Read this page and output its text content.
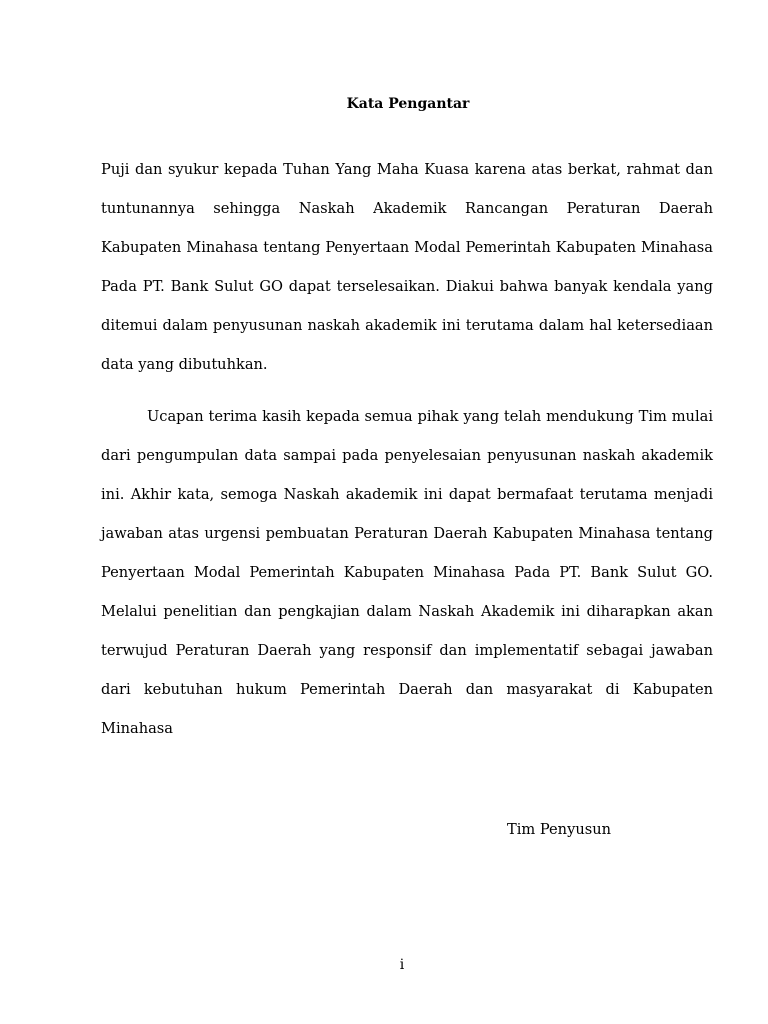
Kata Pengantar

Puji dan syukur kepada Tuhan Yang Maha Kuasa karena atas berkat, rahmat dan tuntunannya sehingga Naskah Akademik Rancangan Peraturan Daerah Kabupaten Minahasa tentang Penyertaan Modal Pemerintah Kabupaten Minahasa Pada PT. Bank Sulut GO dapat terselesaikan. Diakui bahwa banyak kendala yang ditemui dalam penyusunan naskah akademik ini terutama dalam hal ketersediaan data yang dibutuhkan.

Ucapan terima kasih kepada semua pihak yang telah mendukung Tim mulai dari pengumpulan data sampai pada penyelesaian penyusunan naskah akademik ini. Akhir kata, semoga Naskah akademik ini dapat bermafaat terutama menjadi jawaban atas urgensi pembuatan Peraturan Daerah Kabupaten Minahasa tentang Penyertaan Modal Pemerintah Kabupaten Minahasa Pada PT. Bank Sulut GO. Melalui penelitian dan pengkajian dalam Naskah Akademik ini diharapkan akan terwujud Peraturan Daerah yang responsif dan implementatif sebagai jawaban dari kebutuhan hukum Pemerintah Daerah dan masyarakat di Kabupaten Minahasa

Tim Penyusun
i
